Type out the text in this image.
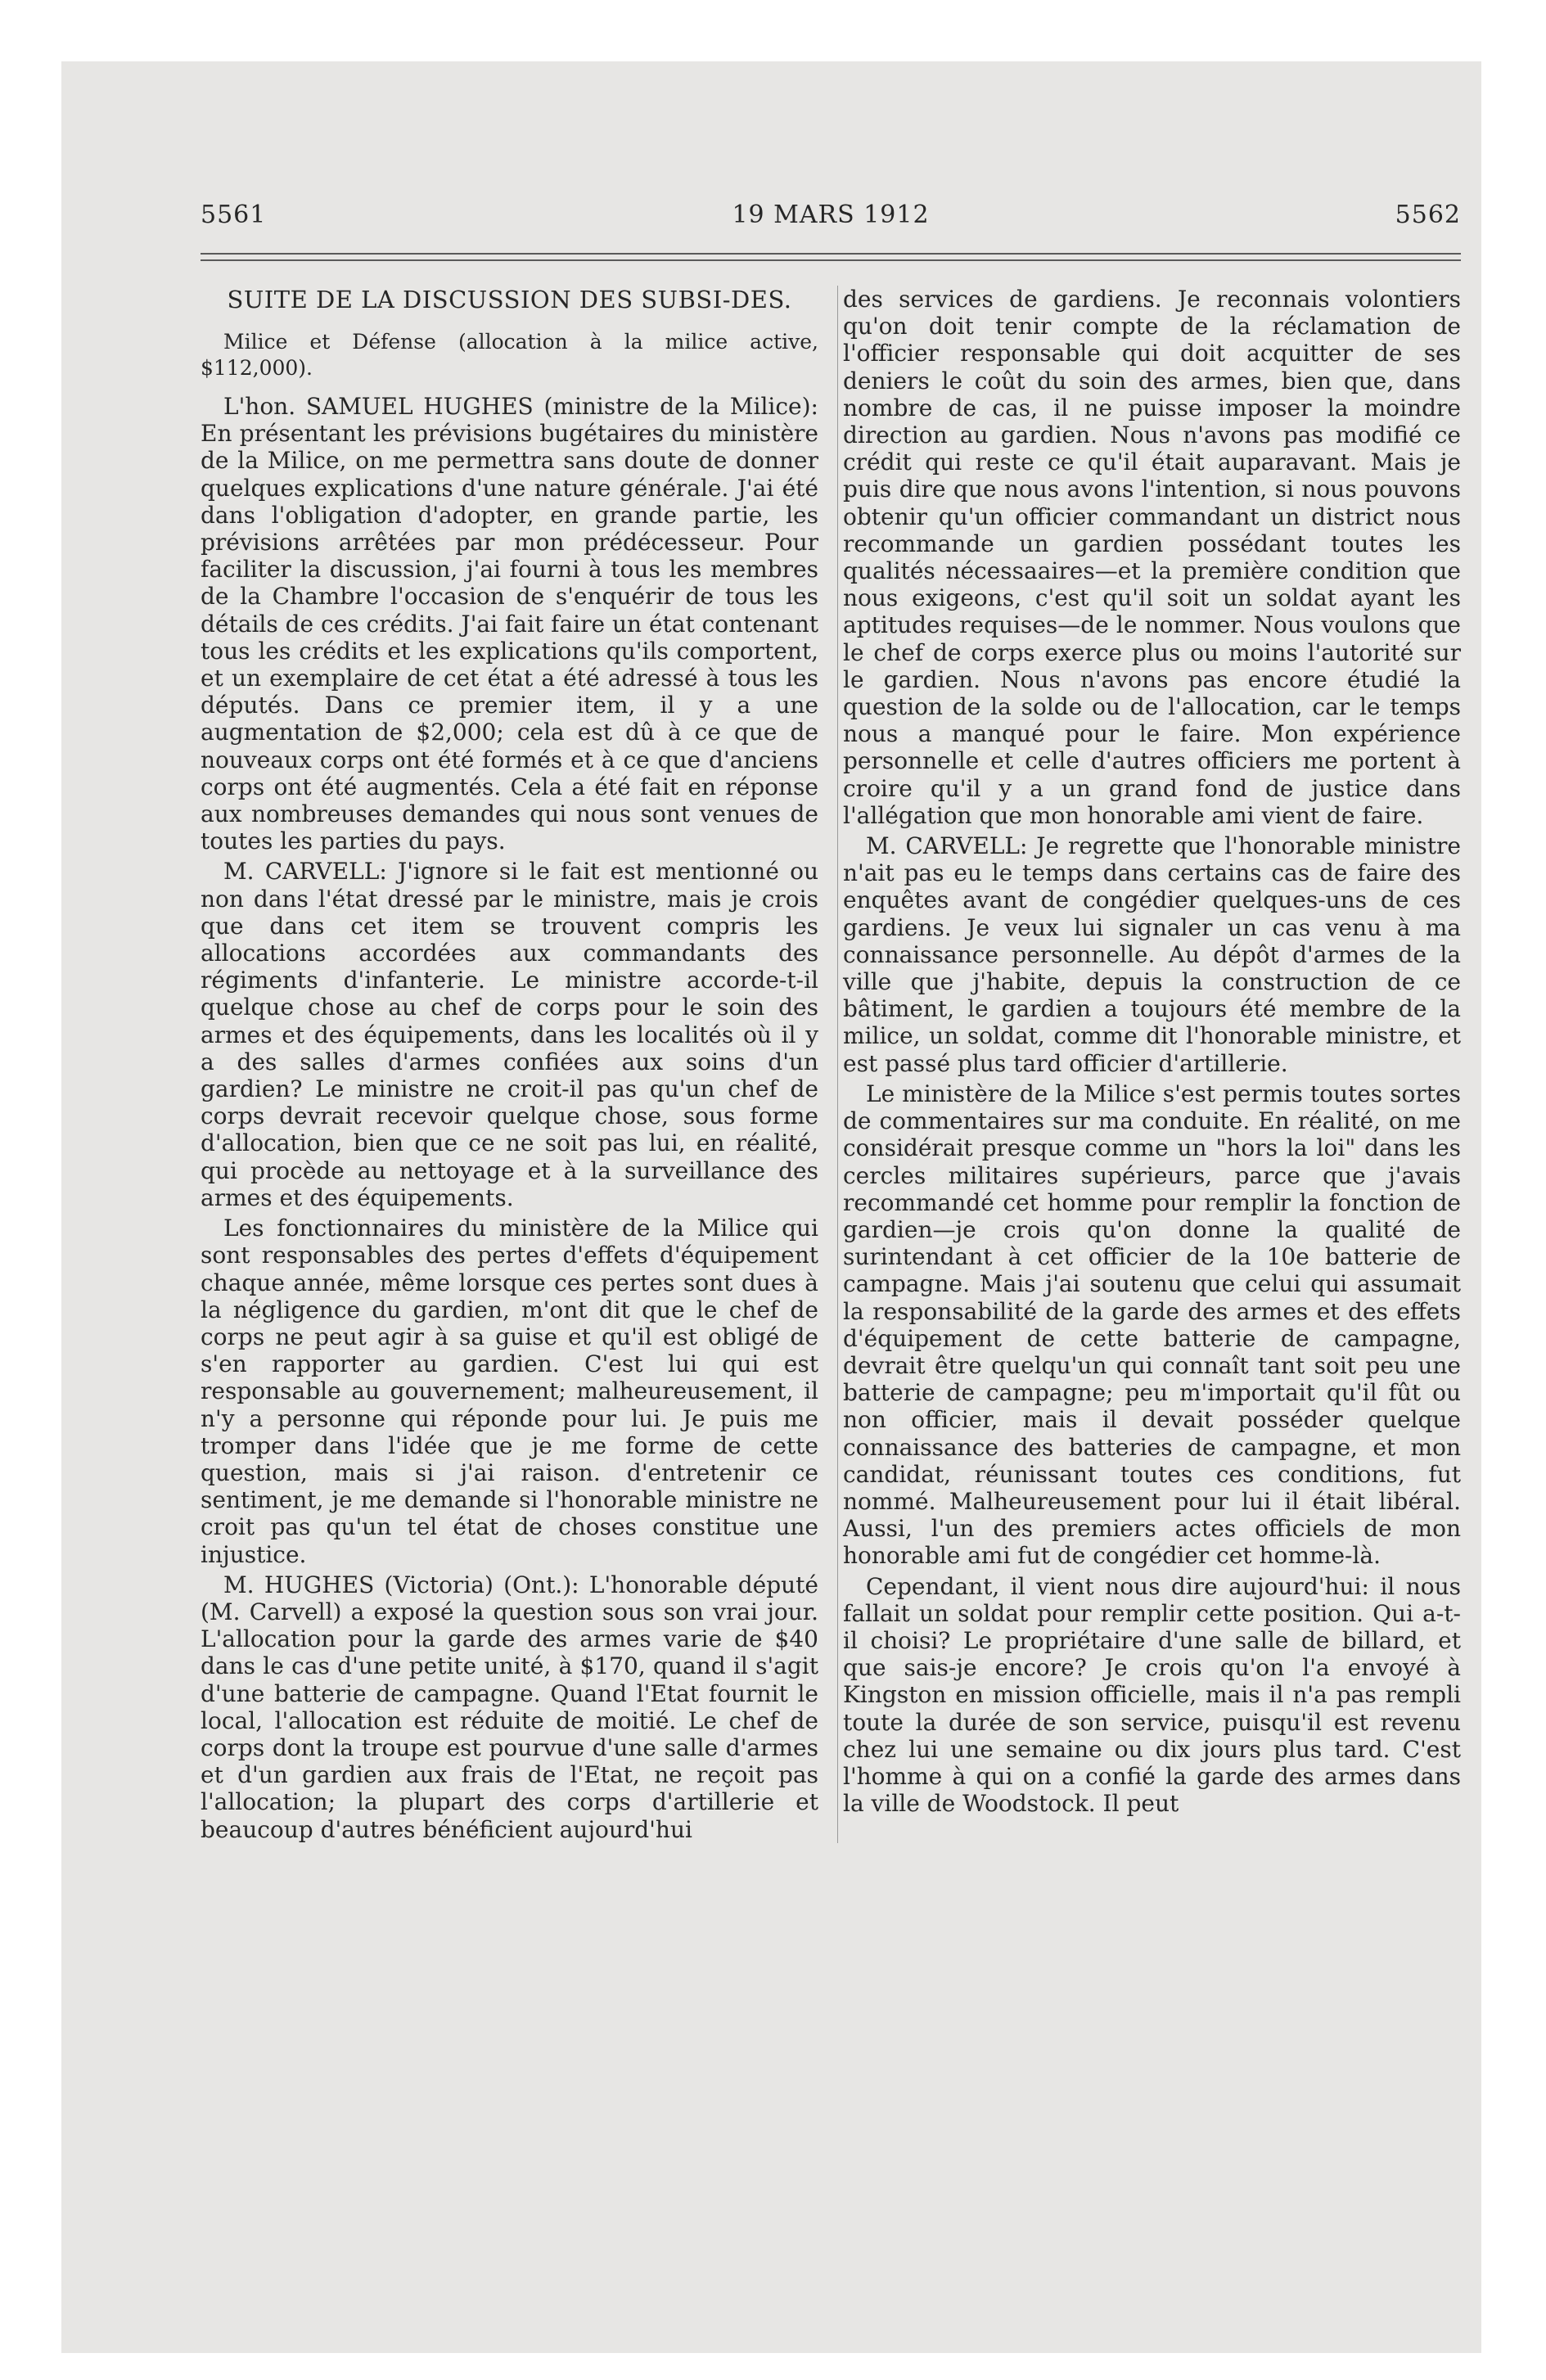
5561	19 MARS 1912	5562

SUITE DE LA DISCUSSION DES SUBSI-DES.

Milice et Défense (allocation à la milice active, $112,000).

L'hon. SAMUEL HUGHES (ministre de la Milice): En présentant les prévisions bugétaires du ministère de la Milice, on me permettra sans doute de donner quelques explications d'une nature générale. J'ai été dans l'obligation d'adopter, en grande partie, les prévisions arrêtées par mon prédécesseur. Pour faciliter la discussion, j'ai fourni à tous les membres de la Chambre l'occasion de s'enquérir de tous les détails de ces crédits. J'ai fait faire un état contenant tous les crédits et les explications qu'ils comportent, et un exemplaire de cet état a été adressé à tous les députés. Dans ce premier item, il y a une augmentation de $2,000; cela est dû à ce que de nouveaux corps ont été formés et à ce que d'anciens corps ont été augmentés. Cela a été fait en réponse aux nombreuses demandes qui nous sont venues de toutes les parties du pays.

M. CARVELL: J'ignore si le fait est mentionné ou non dans l'état dressé par le ministre, mais je crois que dans cet item se trouvent compris les allocations accordées aux commandants des régiments d'infanterie. Le ministre accorde-t-il quelque chose au chef de corps pour le soin des armes et des équipements, dans les localités où il y a des salles d'armes confiées aux soins d'un gardien? Le ministre ne croit-il pas qu'un chef de corps devrait recevoir quelque chose, sous forme d'allocation, bien que ce ne soit pas lui, en réalité, qui procède au nettoyage et à la surveillance des armes et des équipements.

Les fonctionnaires du ministère de la Milice qui sont responsables des pertes d'effets d'équipement chaque année, même lorsque ces pertes sont dues à la négligence du gardien, m'ont dit que le chef de corps ne peut agir à sa guise et qu'il est obligé de s'en rapporter au gardien. C'est lui qui est responsable au gouvernement; malheureusement, il n'y a personne qui réponde pour lui. Je puis me tromper dans l'idée que je me forme de cette question, mais si j'ai raison. d'entretenir ce sentiment, je me demande si l'honorable ministre ne croit pas qu'un tel état de choses constitue une injustice.

M. HUGHES (Victoria) (Ont.): L'honorable député (M. Carvell) a exposé la question sous son vrai jour. L'allocation pour la garde des armes varie de $40 dans le cas d'une petite unité, à $170, quand il s'agit d'une batterie de campagne. Quand l'Etat fournit le local, l'allocation est réduite de moitié. Le chef de corps dont la troupe est pourvue d'une salle d'armes et d'un gardien aux frais de l'Etat, ne reçoit pas l'allocation; la plupart des corps d'artillerie et beaucoup d'autres bénéficient aujourd'hui

des services de gardiens. Je reconnais volontiers qu'on doit tenir compte de la réclamation de l'officier responsable qui doit acquitter de ses deniers le coût du soin des armes, bien que, dans nombre de cas, il ne puisse imposer la moindre direction au gardien. Nous n'avons pas modifié ce crédit qui reste ce qu'il était auparavant. Mais je puis dire que nous avons l'intention, si nous pouvons obtenir qu'un officier commandant un district nous recommande un gardien possédant toutes les qualités nécessaaires—et la première condition que nous exigeons, c'est qu'il soit un soldat ayant les aptitudes requises—de le nommer. Nous voulons que le chef de corps exerce plus ou moins l'autorité sur le gardien. Nous n'avons pas encore étudié la question de la solde ou de l'allocation, car le temps nous a manqué pour le faire. Mon expérience personnelle et celle d'autres officiers me portent à croire qu'il y a un grand fond de justice dans l'allégation que mon honorable ami vient de faire.

M. CARVELL: Je regrette que l'honorable ministre n'ait pas eu le temps dans certains cas de faire des enquêtes avant de congédier quelques-uns de ces gardiens. Je veux lui signaler un cas venu à ma connaissance personnelle. Au dépôt d'armes de la ville que j'habite, depuis la construction de ce bâtiment, le gardien a toujours été membre de la milice, un soldat, comme dit l'honorable ministre, et est passé plus tard officier d'artillerie.

Le ministère de la Milice s'est permis toutes sortes de commentaires sur ma conduite. En réalité, on me considérait presque comme un "hors la loi" dans les cercles militaires supérieurs, parce que j'avais recommandé cet homme pour remplir la fonction de gardien—je crois qu'on donne la qualité de surintendant à cet officier de la 10e batterie de campagne. Mais j'ai soutenu que celui qui assumait la responsabilité de la garde des armes et des effets d'équipement de cette batterie de campagne, devrait être quelqu'un qui connaît tant soit peu une batterie de campagne; peu m'importait qu'il fût ou non officier, mais il devait posséder quelque connaissance des batteries de campagne, et mon candidat, réunissant toutes ces conditions, fut nommé. Malheureusement pour lui il était libéral. Aussi, l'un des premiers actes officiels de mon honorable ami fut de congédier cet homme-là.

Cependant, il vient nous dire aujourd'hui: il nous fallait un soldat pour remplir cette position. Qui a-t-il choisi? Le propriétaire d'une salle de billard, et que sais-je encore? Je crois qu'on l'a envoyé à Kingston en mission officielle, mais il n'a pas rempli toute la durée de son service, puisqu'il est revenu chez lui une semaine ou dix jours plus tard. C'est l'homme à qui on a confié la garde des armes dans la ville de Woodstock. Il peut
